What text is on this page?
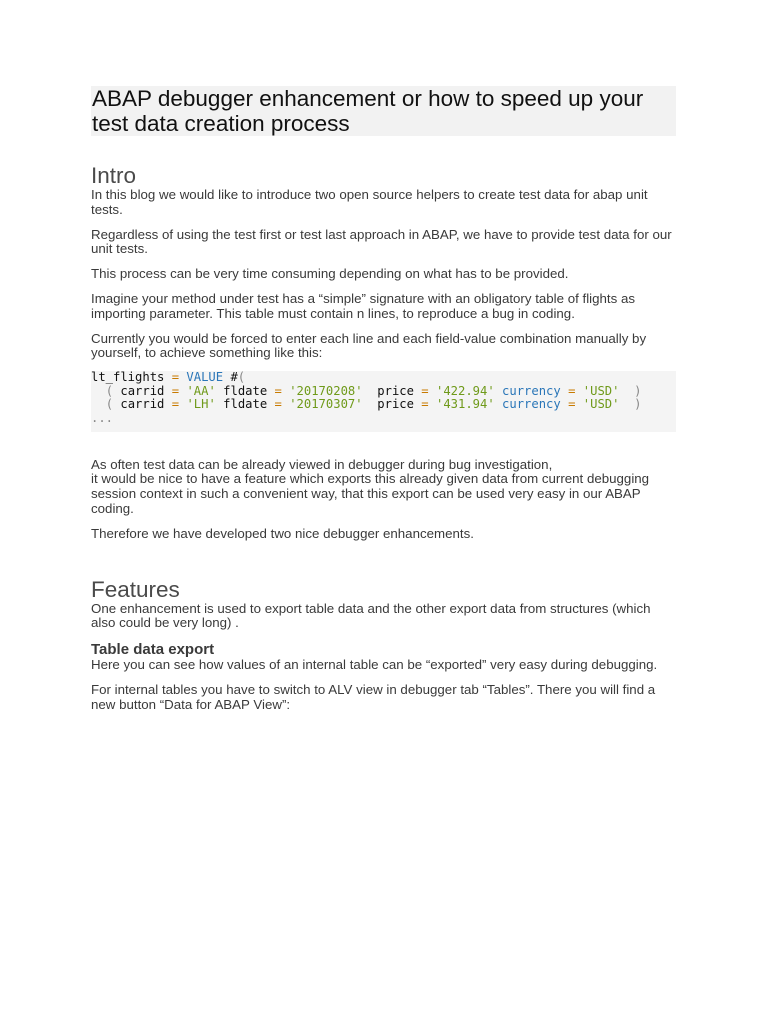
ABAP debugger enhancement or how to speed up your test data creation process
Intro

In this blog we would like to introduce two open source helpers to create test data for abap unit tests.

Regardless of using the test first or test last approach in ABAP, we have to provide test data for our unit tests.

This process can be very time consuming depending on what has to be provided.

Imagine your method under test has a “simple” signature with an obligatory table of flights as importing parameter. This table must contain n lines, to reproduce a bug in coding.

Currently you would be forced to enter each line and each field-value combination manually by yourself, to achieve something like this:

lt_flights = VALUE #(
( carrid = 'AA' fldate = '20170208' price = '422.94' currency = 'USD' )
( carrid = 'LH' fldate = '20170307' price = '431.94' currency = 'USD' )
...

As often test data can be already viewed in debugger during bug investigation,

it would be nice to have a feature which exports this already given data from current debugging session context in such a convenient way, that this export can be used very easy in our ABAP coding.

Therefore we have developed two nice debugger enhancements.

Features

One enhancement is used to export table data and the other export data from structures (which also could be very long) .

Table data export

Here you can see how values of an internal table can be “exported” very easy during debugging.

For internal tables you have to switch to ALV view in debugger tab “Tables”. There you will find a new button “Data for ABAP View”:
